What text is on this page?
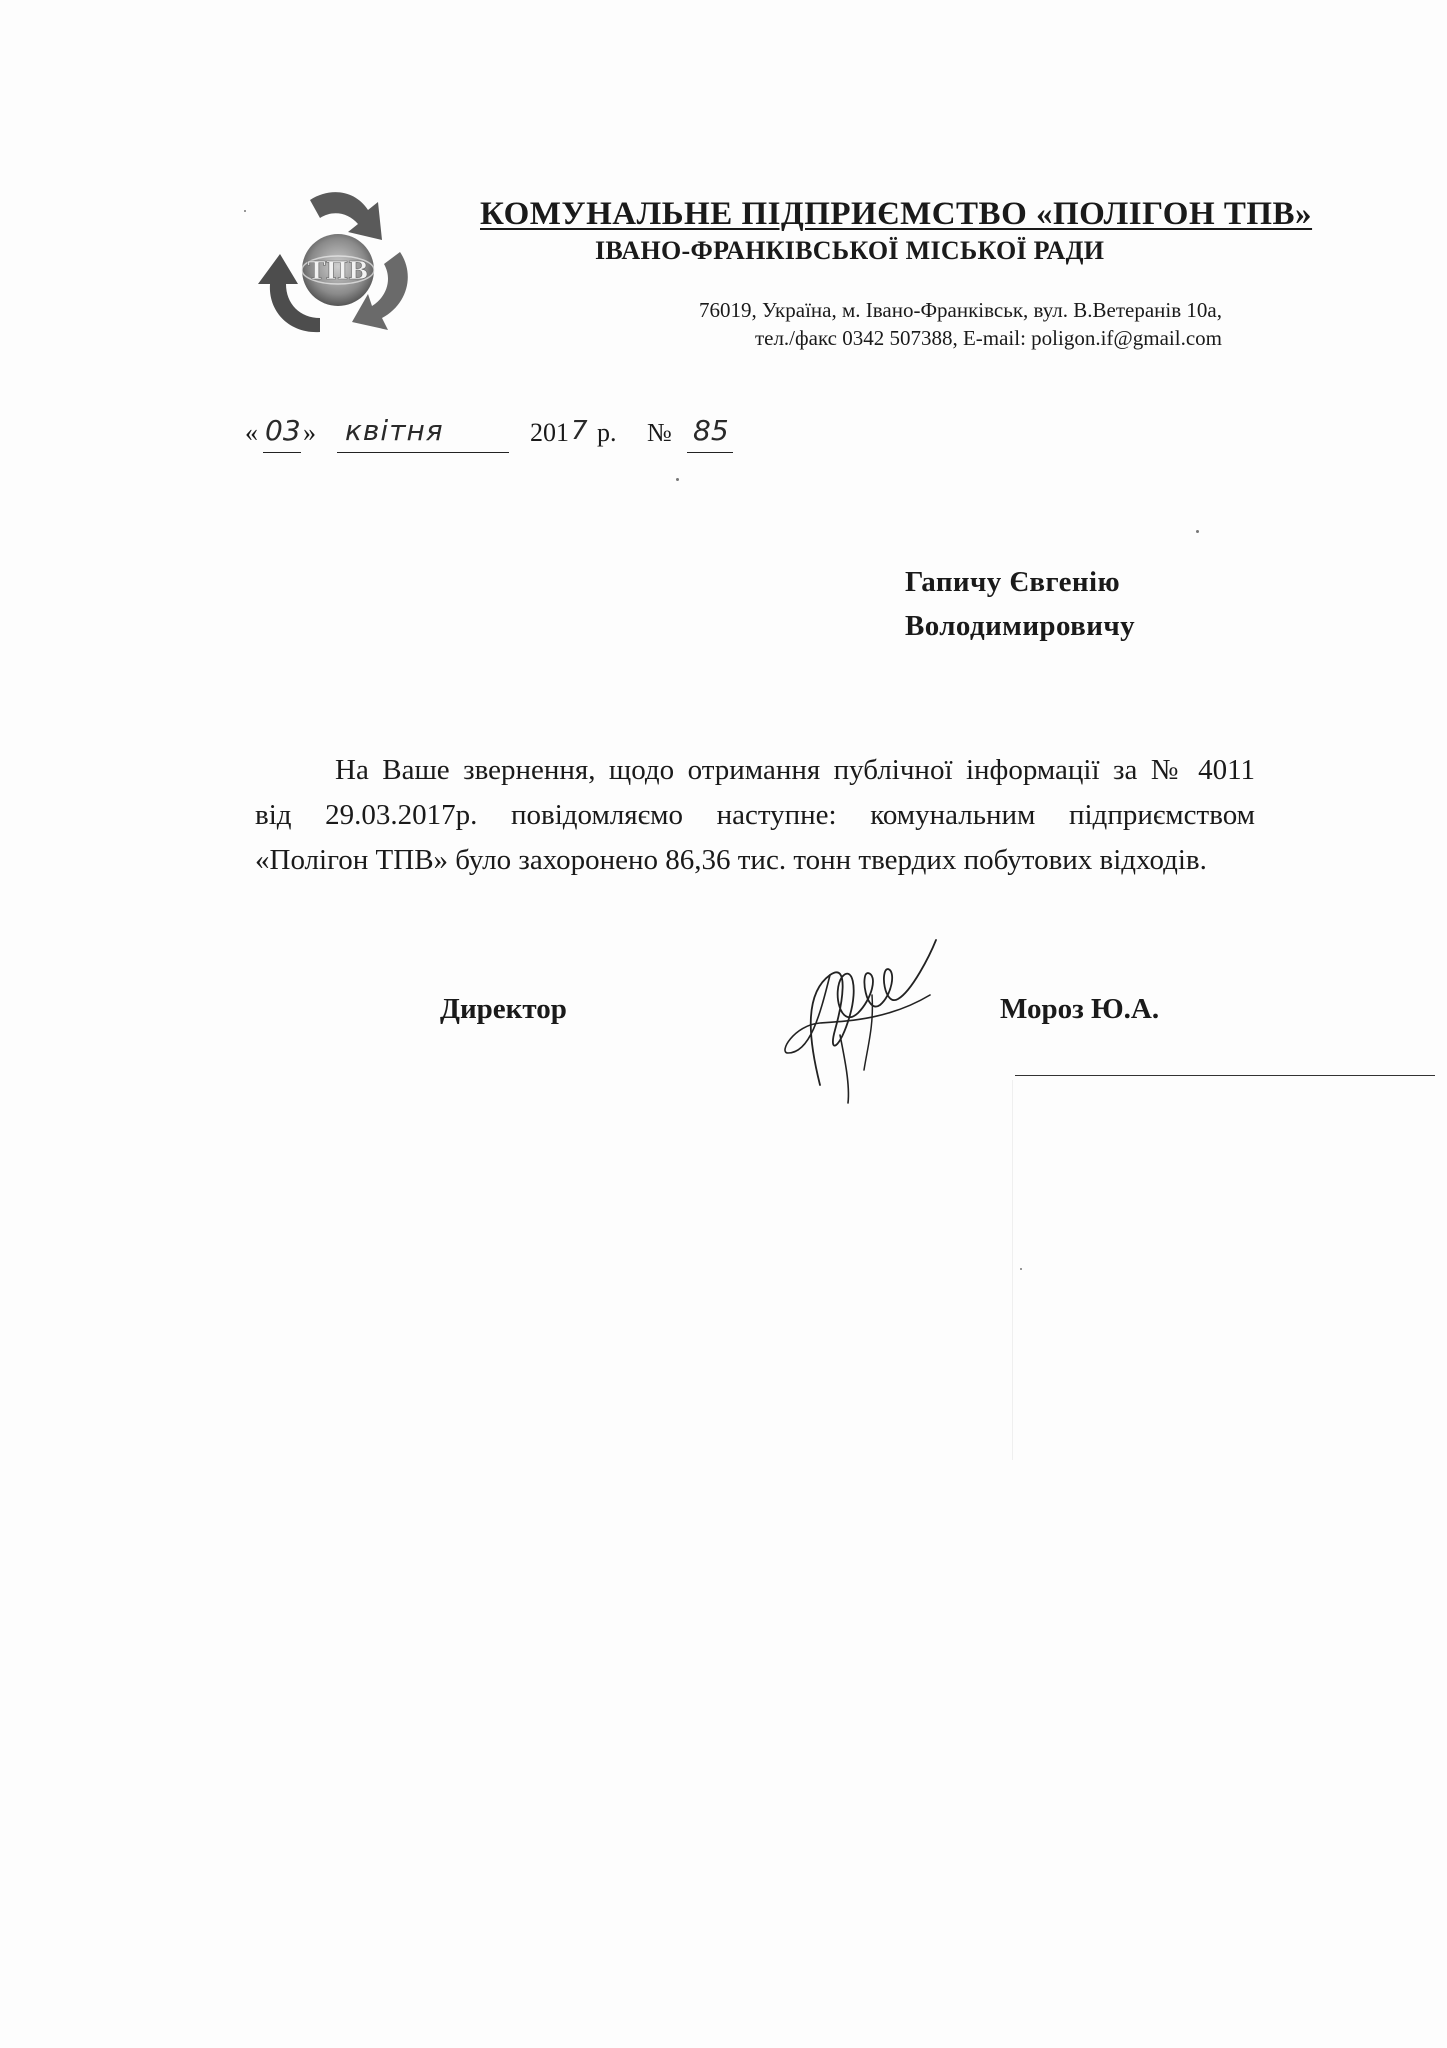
ТПВ
КОМУНАЛЬНЕ ПІДПРИЄМСТВО «ПОЛІГОН ТПВ»
ІВАНО-ФРАНКІВСЬКОЇ МІСЬКОЇ РАДИ
76019, Україна, м. Івано-Франківськ, вул. В.Ветеранів 10а,
тел./факс 0342 507388, E-mail: poligon.if@gmail.com
« 03 » квітня	201 7 р. № 85
Гапичу Євгенію
Володимировичу
На Ваше звернення, щодо отримання публічної інформації за № 4011
від 29.03.2017р. повідомляємо наступне: комунальним підприємством
«Полігон ТПВ» було захоронено 86,36 тис. тонн твердих побутових відходів.
Директор	Мороз Ю.А.
